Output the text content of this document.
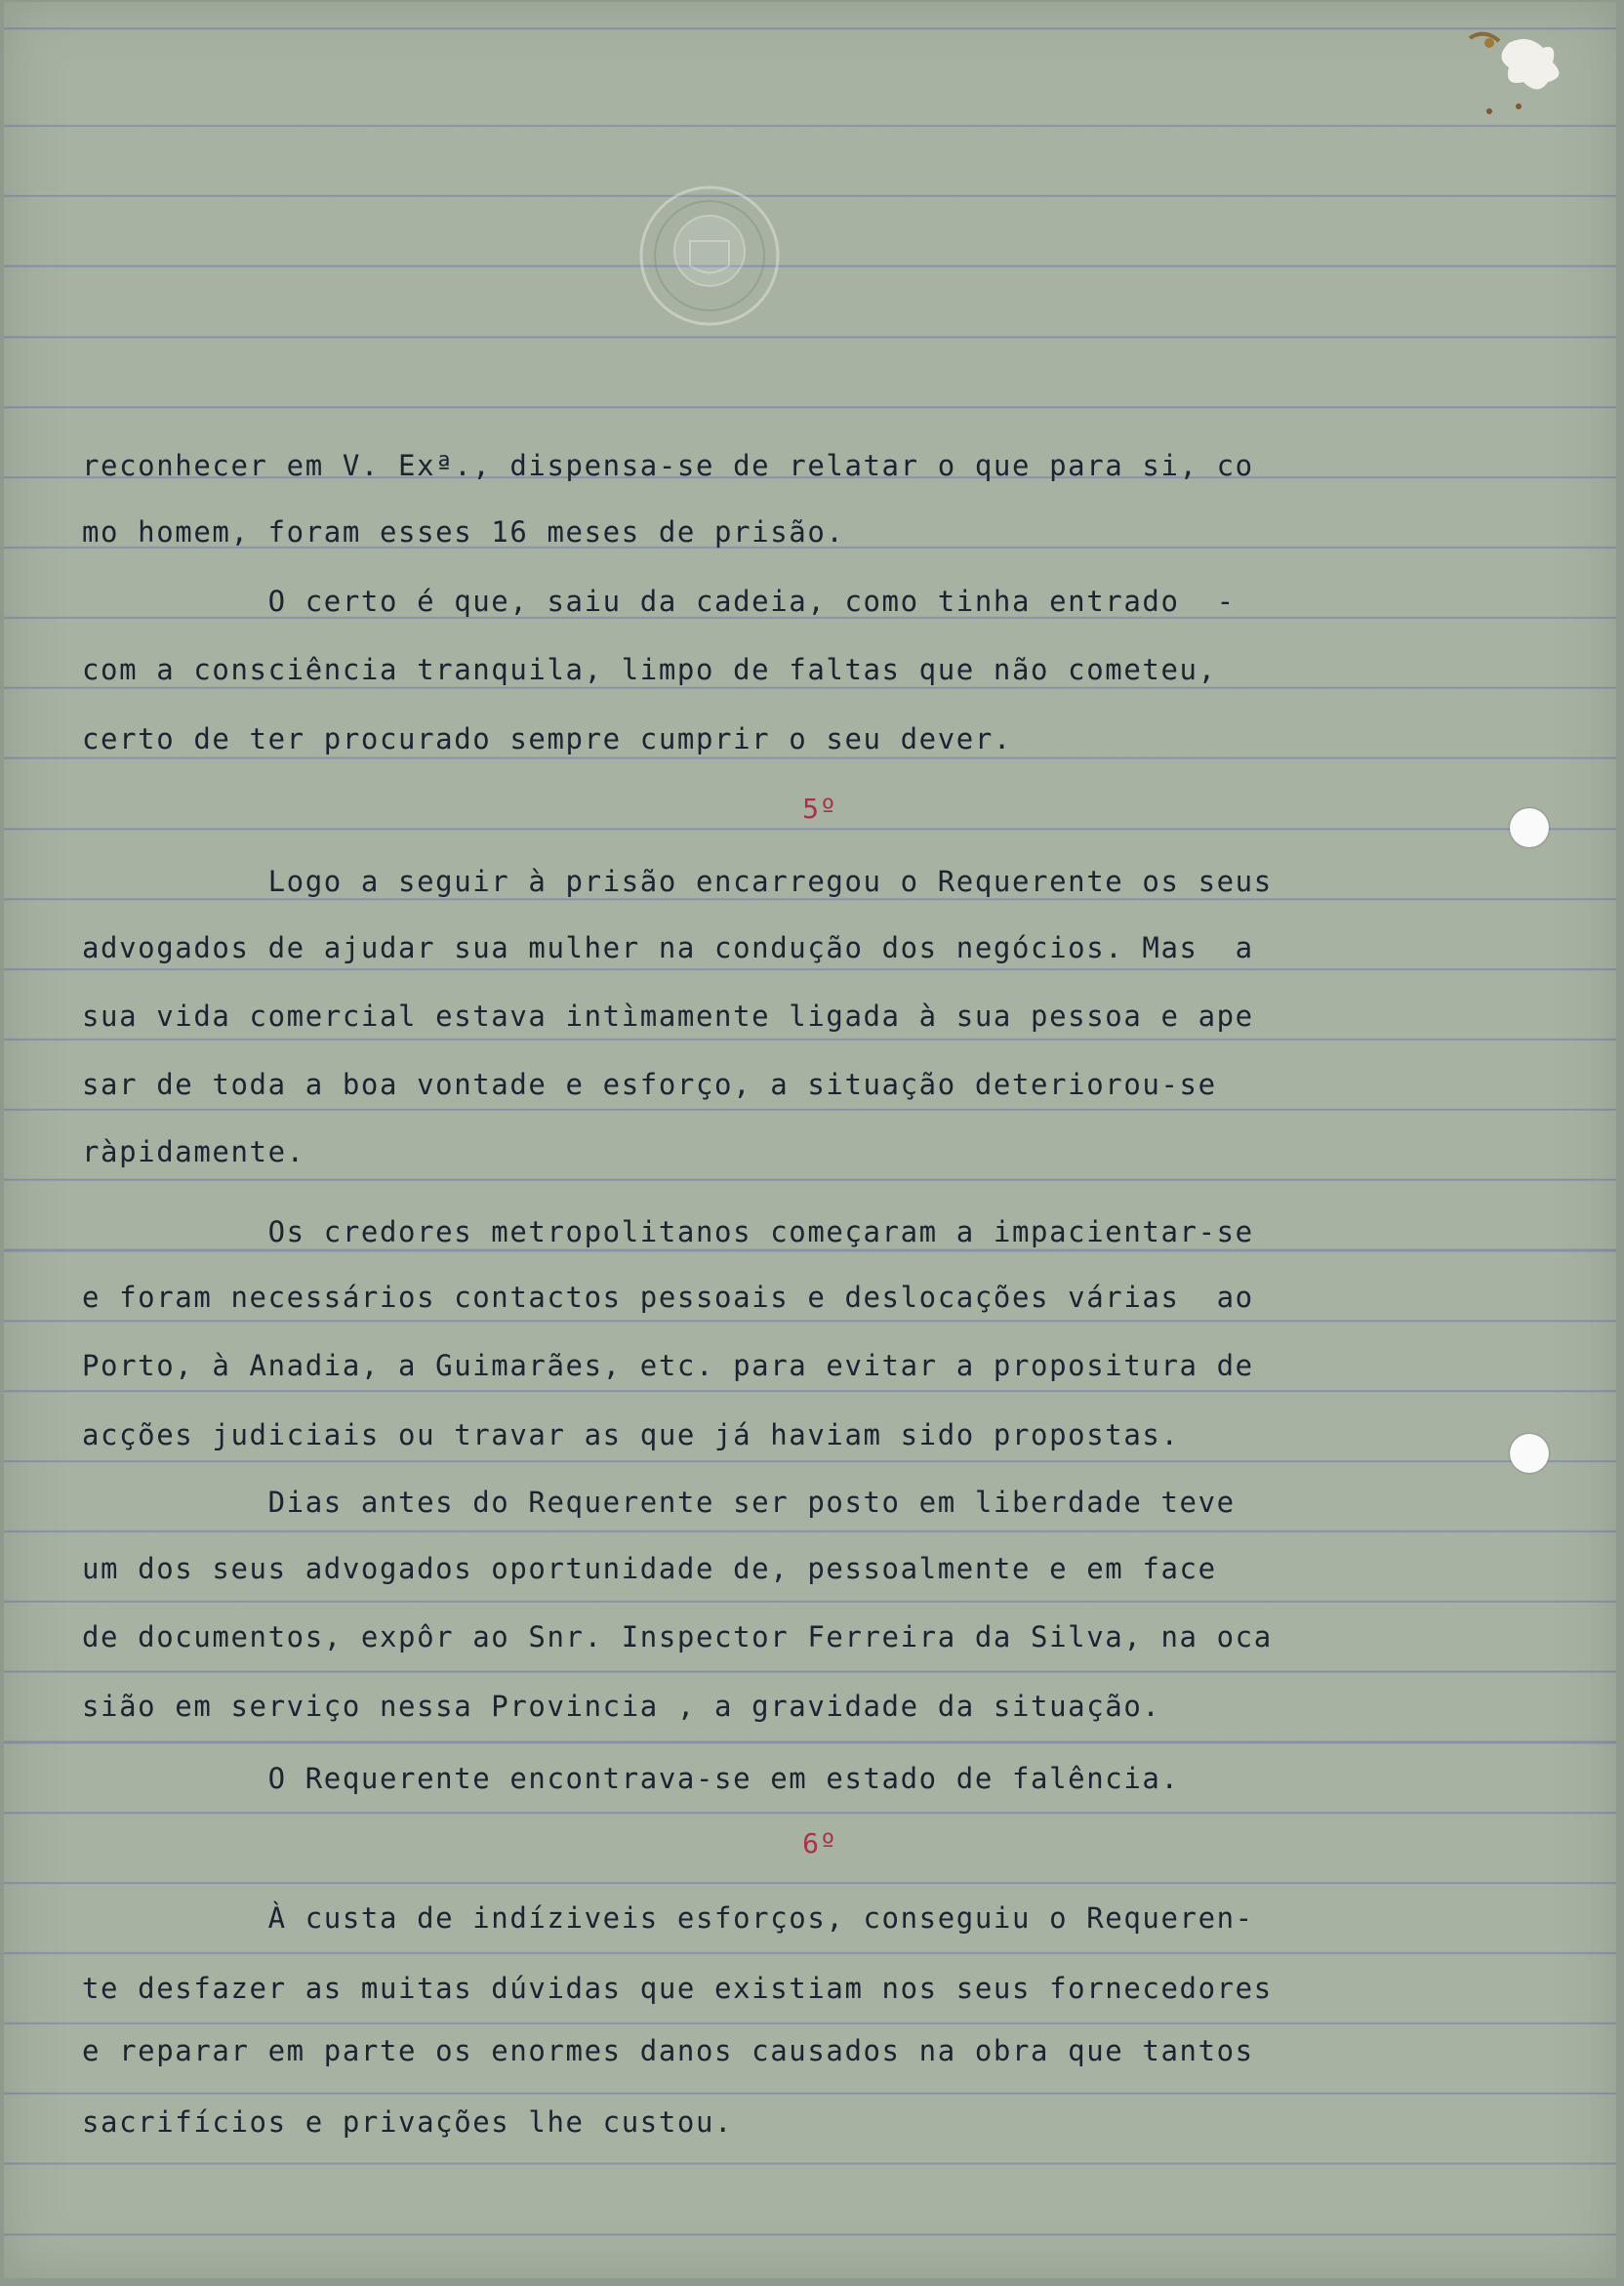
reconhecer em V. Exª., dispensa-se de relatar o que para si, co
mo homem, foram esses 16 meses de prisão.
O certo é que, saiu da cadeia, como tinha entrado  -
com a consciência tranquila, limpo de faltas que não cometeu,
certo de ter procurado sempre cumprir o seu dever.
5º
Logo a seguir à prisão encarregou o Requerente os seus
advogados de ajudar sua mulher na condução dos negócios. Mas  a
sua vida comercial estava intìmamente ligada à sua pessoa e ape
sar de toda a boa vontade e esforço, a situação deteriorou-se
ràpidamente.
Os credores metropolitanos começaram a impacientar-se
e foram necessários contactos pessoais e deslocações várias  ao
Porto, à Anadia, a Guimarães, etc. para evitar a propositura de
acções judiciais ou travar as que já haviam sido propostas.
Dias antes do Requerente ser posto em liberdade teve
um dos seus advogados oportunidade de, pessoalmente e em face
de documentos, expôr ao Snr. Inspector Ferreira da Silva, na oca
sião em serviço nessa Provincia , a gravidade da situação.
O Requerente encontrava-se em estado de falência.
6º
À custa de indíziveis esforços, conseguiu o Requeren-
te desfazer as muitas dúvidas que existiam nos seus fornecedores
e reparar em parte os enormes danos causados na obra que tantos
sacrifícios e privações lhe custou.
